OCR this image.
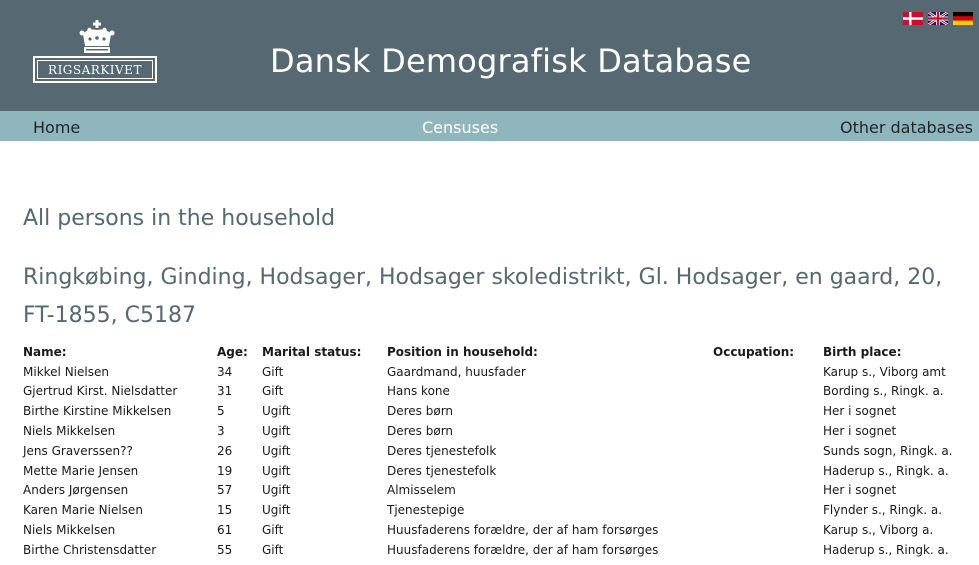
RIGSARKIVET	Dansk Demografisk Database
Home	Censuses	Other databases
All persons in the household
Ringkøbing, Ginding, Hodsager, Hodsager skoledistrikt, Gl. Hodsager, en gaard, 20, FT-1855, C5187
Name:	Age:	Marital status:	Position in household:	Occupation:	Birth place:
Mikkel Nielsen	34	Gift	Gaardmand, huusfader		Karup s., Viborg amt
Gjertrud Kirst. Nielsdatter	31	Gift	Hans kone		Bording s., Ringk. a.
Birthe Kirstine Mikkelsen	5	Ugift	Deres børn		Her i sognet
Niels Mikkelsen	3	Ugift	Deres børn		Her i sognet
Jens Graverssen??	26	Ugift	Deres tjenestefolk		Sunds sogn, Ringk. a.
Mette Marie Jensen	19	Ugift	Deres tjenestefolk		Haderup s., Ringk. a.
Anders Jørgensen	57	Ugift	Almisselem		Her i sognet
Karen Marie Nielsen	15	Ugift	Tjenestepige		Flynder s., Ringk. a.
Niels Mikkelsen	61	Gift	Huusfaderens forældre, der af ham forsørges		Karup s., Viborg a.
Birthe Christensdatter	55	Gift	Huusfaderens forældre, der af ham forsørges		Haderup s., Ringk. a.
